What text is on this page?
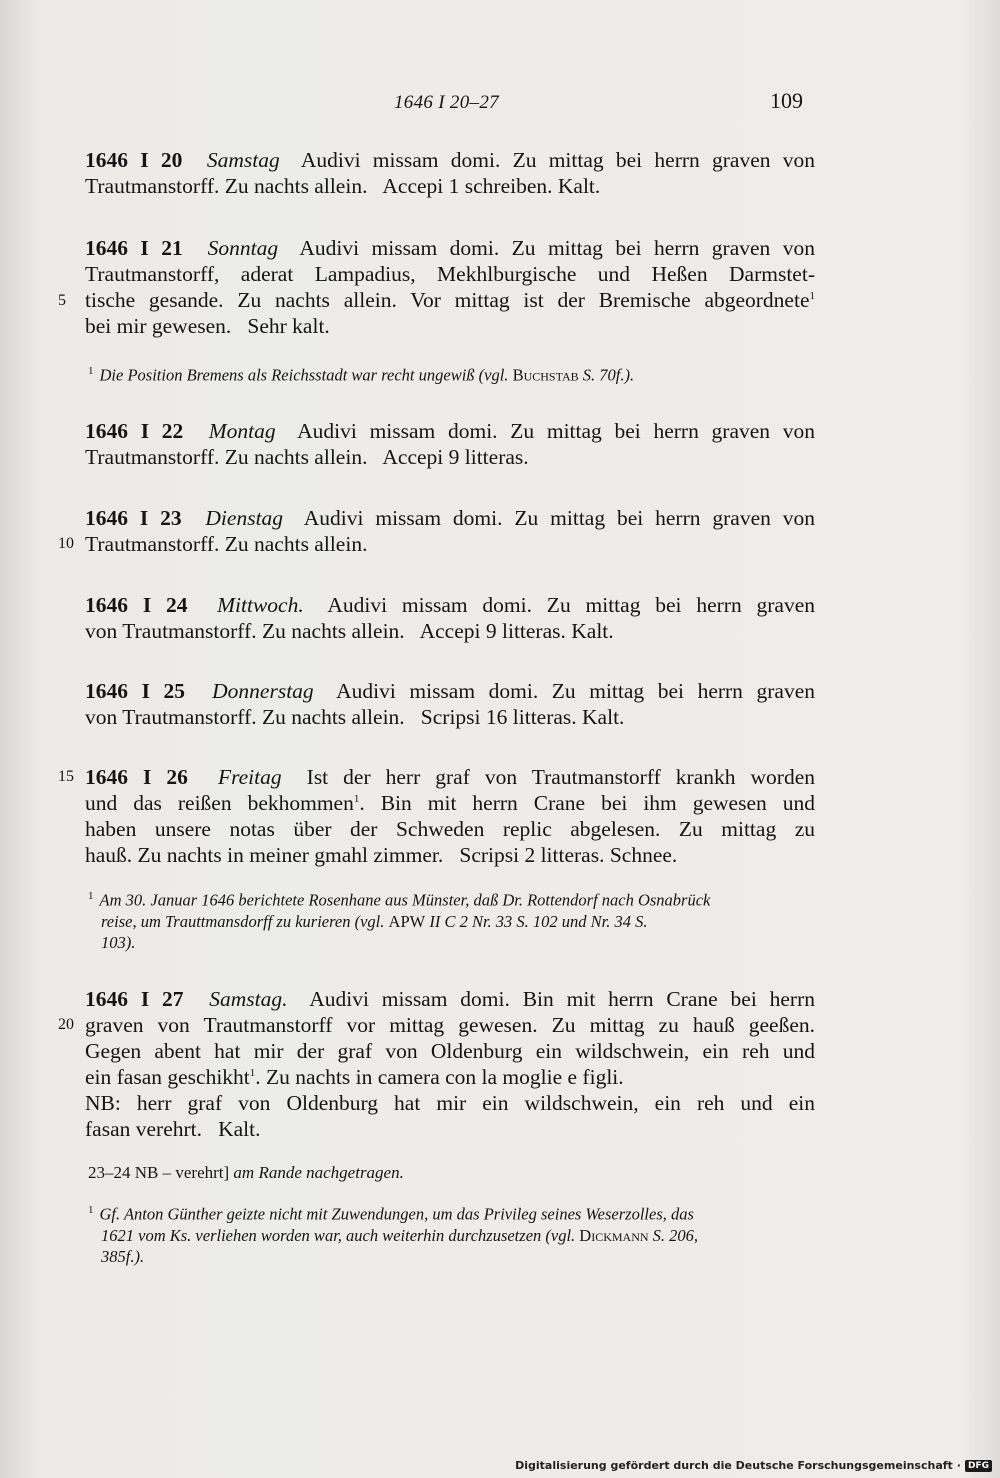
1646 I 20–27	109
1646 I 20 Samstag Audivi missam domi. Zu mittag bei herrn graven von
Trautmanstorff. Zu nachts allein.   Accepi 1 schreiben. Kalt.
1646 I 21 Sonntag Audivi missam domi. Zu mittag bei herrn graven von
Trautmanstorff, aderat Lampadius, Mekhlburgische und Heßen Darmstet-
tische gesande. Zu nachts allein. Vor mittag ist der Bremische abgeordnete$^1$
bei mir gewesen.   Sehr kalt.
5
$^1$ Die Position Bremens als Reichsstadt war recht ungewiß (vgl. Buchstab S. 70f.).
1646 I 22 Montag Audivi missam domi. Zu mittag bei herrn graven von
Trautmanstorff. Zu nachts allein.   Accepi 9 litteras.
1646 I 23 Dienstag Audivi missam domi. Zu mittag bei herrn graven von
Trautmanstorff. Zu nachts allein.
10
1646 I 24 Mittwoch. Audivi missam domi. Zu mittag bei herrn graven
von Trautmanstorff. Zu nachts allein.   Accepi 9 litteras. Kalt.
1646 I 25 Donnerstag Audivi missam domi. Zu mittag bei herrn graven
von Trautmanstorff. Zu nachts allein.   Scripsi 16 litteras. Kalt.
1646 I 26 Freitag Ist der herr graf von Trautmanstorff krankh worden
und das reißen bekhommen$^1$. Bin mit herrn Crane bei ihm gewesen und
haben unsere notas über der Schweden replic abgelesen. Zu mittag zu
hauß. Zu nachts in meiner gmahl zimmer.   Scripsi 2 litteras. Schnee.
15
$^1$ Am 30. Januar 1646 berichtete Rosenhane aus Münster, daß Dr. Rottendorf nach Osnabrück
reise, um Trauttmansdorff zu kurieren (vgl. APW II C 2 Nr. 33 S. 102 und Nr. 34 S.
103).
1646 I 27 Samstag. Audivi missam domi. Bin mit herrn Crane bei herrn
graven von Trautmanstorff vor mittag gewesen. Zu mittag zu hauß geeßen.
Gegen abent hat mir der graf von Oldenburg ein wildschwein, ein reh und
ein fasan geschikht$^1$. Zu nachts in camera con la moglie e figli.
NB: herr graf von Oldenburg hat mir ein wildschwein, ein reh und ein
fasan verehrt.   Kalt.
20
23–24 NB – verehrt] am Rande nachgetragen.
$^1$ Gf. Anton Günther geizte nicht mit Zuwendungen, um das Privileg seines Weserzolles, das
1621 vom Ks. verliehen worden war, auch weiterhin durchzusetzen (vgl. Dickmann S. 206,
385f.).
Digitalisierung gefördert durch die Deutsche Forschungsgemeinschaft · DFG
